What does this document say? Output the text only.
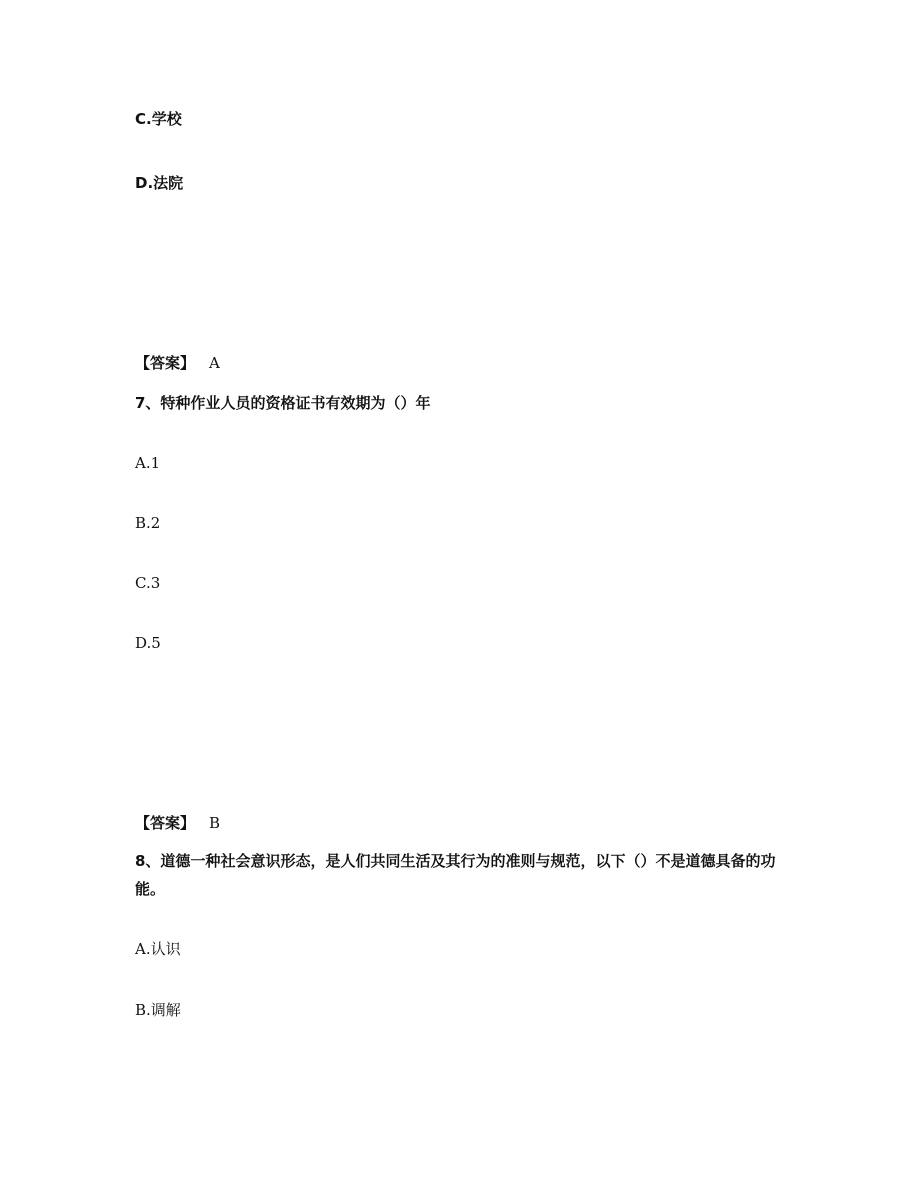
C.学校
D.法院
【答案】 A
7、特种作业人员的资格证书有效期为（）年
A.1
B.2
C.3
D.5
【答案】 B
8、道德一种社会意识形态，是人们共同生活及其行为的准则与规范，以下（）不是道德具备的功能。
A.认识
B.调解
